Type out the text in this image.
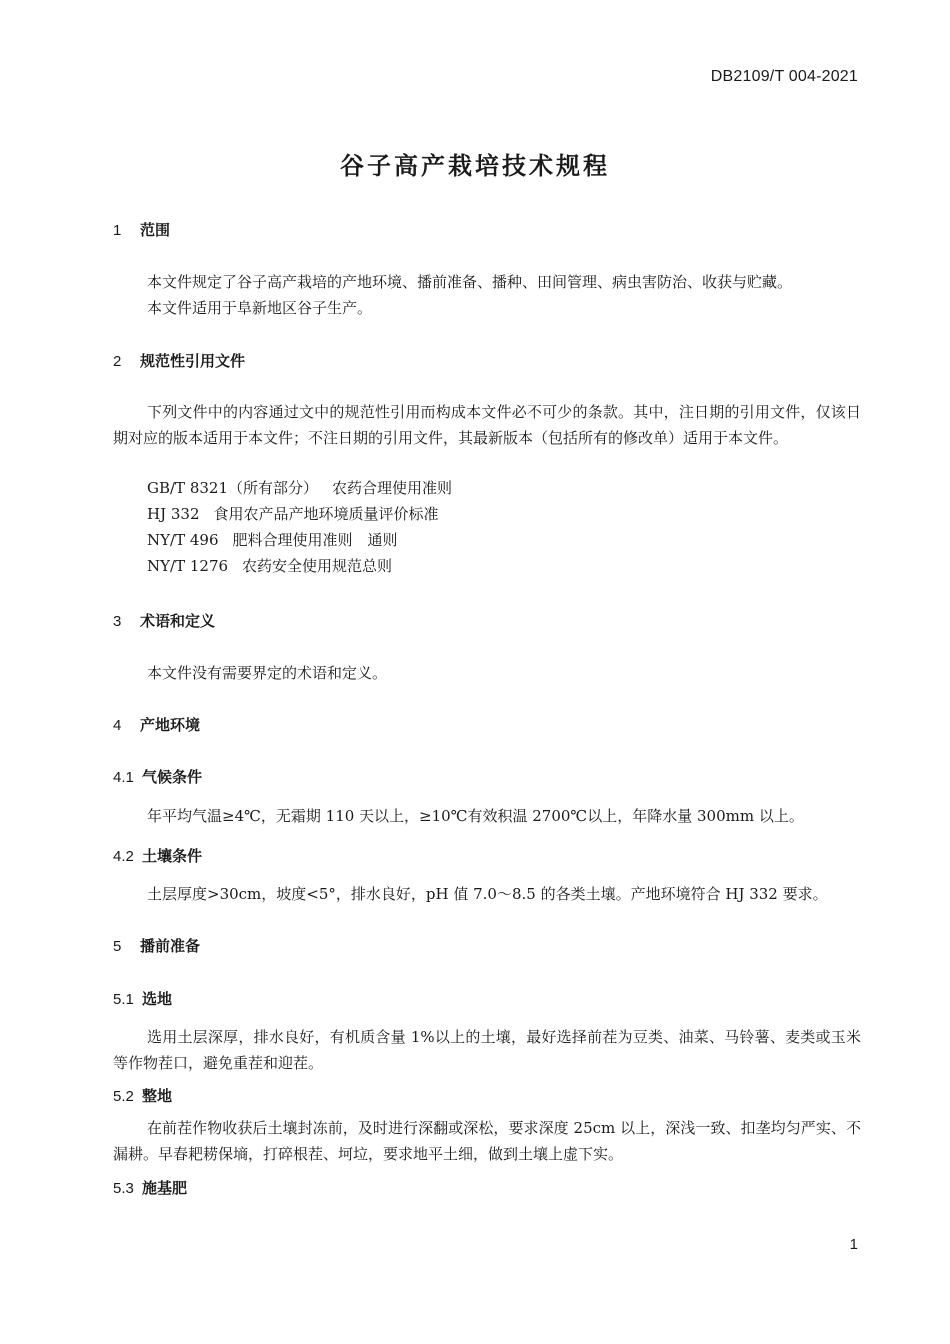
DB2109/T 004-2021
谷子高产栽培技术规程
1 范围
本文件规定了谷子高产栽培的产地环境、播前准备、播种、田间管理、病虫害防治、收获与贮藏。
本文件适用于阜新地区谷子生产。
2 规范性引用文件
下列文件中的内容通过文中的规范性引用而构成本文件必不可少的条款。其中，注日期的引用文件，仅该日期对应的版本适用于本文件；不注日期的引用文件，其最新版本（包括所有的修改单）适用于本文件。
GB/T 8321（所有部分） 农药合理使用准则
HJ 332 食用农产品产地环境质量评价标准
NY/T 496 肥料合理使用准则　通则
NY/T 1276 农药安全使用规范总则
3 术语和定义
本文件没有需要界定的术语和定义。
4 产地环境
4.1 气候条件
年平均气温≥4℃，无霜期 110 天以上，≥10℃有效积温 2700℃以上，年降水量 300mm 以上。
4.2 土壤条件
土层厚度>30cm，坡度<5°，排水良好，pH 值 7.0～8.5 的各类土壤。产地环境符合 HJ 332 要求。
5 播前准备
5.1 选地
选用土层深厚，排水良好，有机质含量 1%以上的土壤，最好选择前茬为豆类、油菜、马铃薯、麦类或玉米等作物茬口，避免重茬和迎茬。
5.2 整地
在前茬作物收获后土壤封冻前，及时进行深翻或深松，要求深度 25cm 以上，深浅一致、扣垄均匀严实、不漏耕。早春耙耢保墒，打碎根茬、坷垃，要求地平土细，做到土壤上虚下实。
5.3 施基肥
1
